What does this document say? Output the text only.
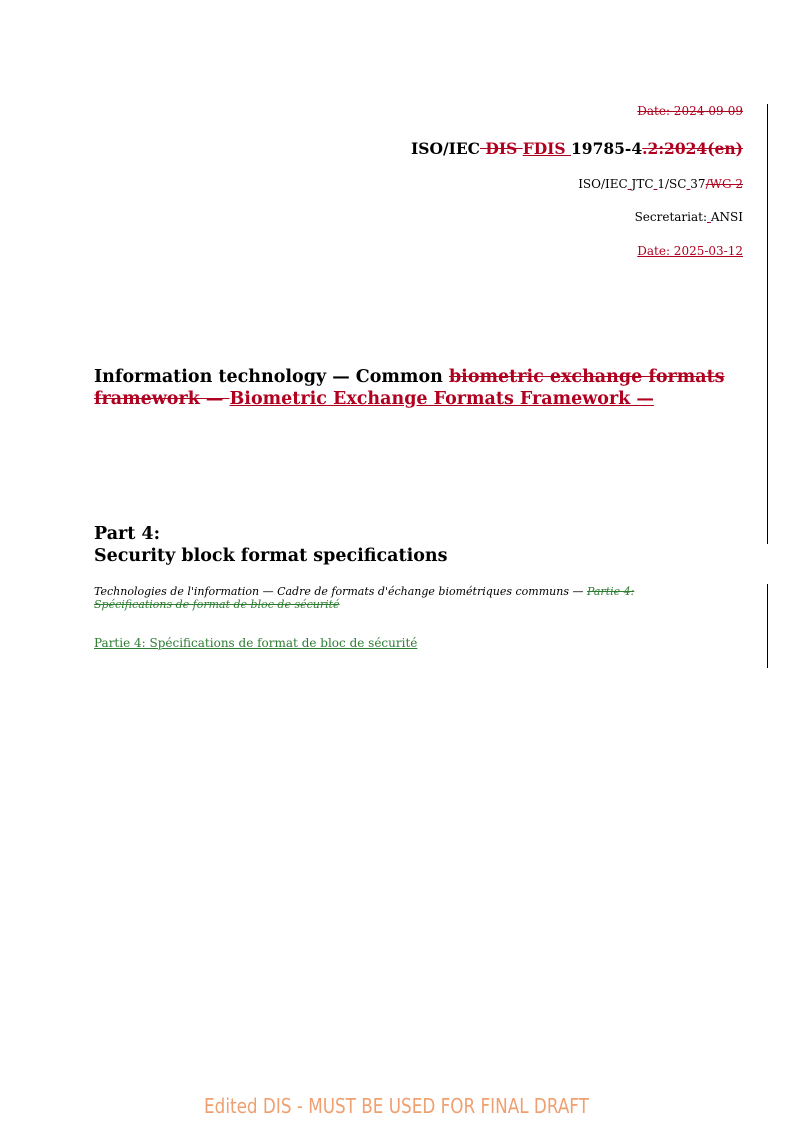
Date: 2024-09-09
ISO/IEC DIS FDIS 19785-4.2:2024(en)
ISO/IEC JTC 1/SC 37/WG 2
Secretariat: ANSI
Date: 2025-03-12
Information technology — Common biometric exchange formats framework — Biometric Exchange Formats Framework —
Part 4:
Security block format specifications
Technologies de l'information — Cadre de formats d'échange biométriques communs — Partie 4: Spécifications de format de bloc de sécurité
Partie 4: Spécifications de format de bloc de sécurité
Edited DIS - MUST BE USED FOR FINAL DRAFT
